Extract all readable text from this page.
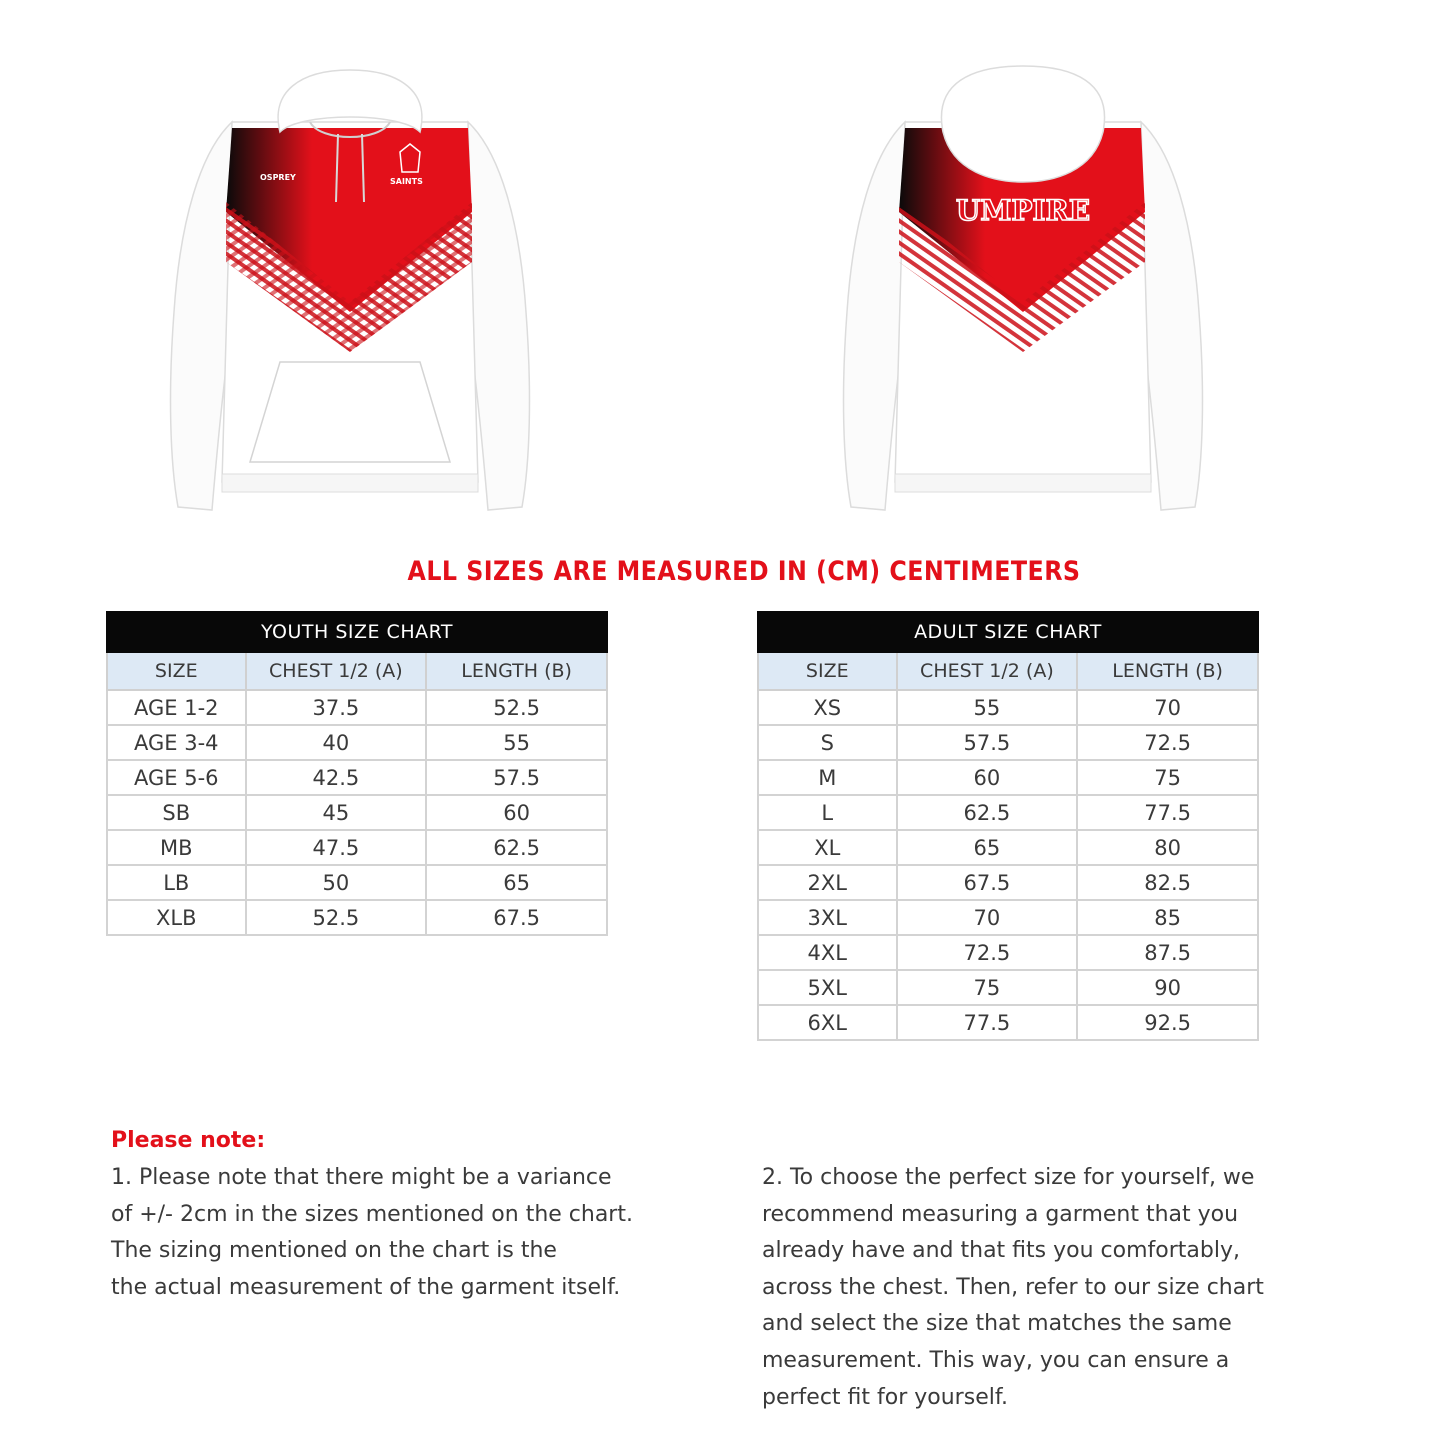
OSPREY	SAINTS
UMPIRE
ALL SIZES ARE MEASURED IN (CM) CENTIMETERS
YOUTH SIZE CHART		
SIZE	CHEST 1/2 (A)	LENGTH (B)
AGE 1-2	37.5	52.5
AGE 3-4	40	55
AGE 5-6	42.5	57.5
SB	45	60
MB	47.5	62.5
LB	50	65
XLB	52.5	67.5
ADULT SIZE CHART		
SIZE	CHEST 1/2 (A)	LENGTH (B)
XS	55	70
S	57.5	72.5
M	60	75
L	62.5	77.5
XL	65	80
2XL	67.5	82.5
3XL	70	85
4XL	72.5	87.5
5XL	75	90
6XL	77.5	92.5
Please note:
1. Please note that there might be a variance
of +/- 2cm in the sizes mentioned on the chart.
The sizing mentioned on the chart is the
the actual measurement of the garment itself.
2. To choose the perfect size for yourself, we
recommend measuring a garment that you
already have and that fits you comfortably,
across the chest. Then, refer to our size chart
and select the size that matches the same
measurement. This way, you can ensure a
perfect fit for yourself.
